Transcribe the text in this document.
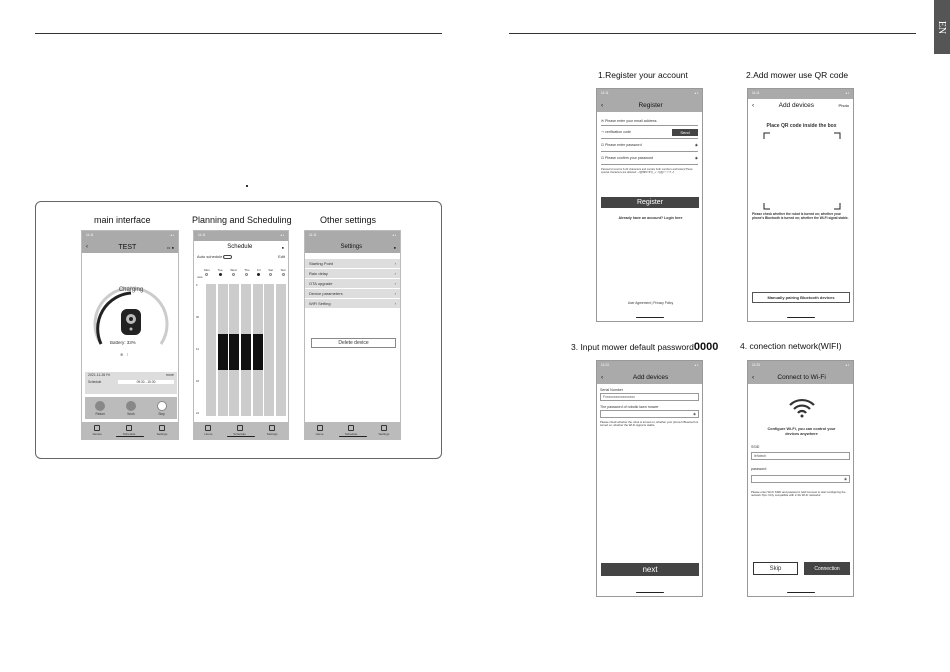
EN
main interface	Planning and Scheduling	Other settings
11:11	◂ ▪
‹	TEST	▭ ●
Charging
Battery: 33%
≋   ⁝
2021.11.26 Fri	more
Schedule	09:30 - 15:30
Return	Work	Stop
Device	Schedule	Settings
11:11	◂ ▪
Schedule	●
Auto schedule	Edit
Mon	Tue	Wed	Thu	Fri	Sat	Sun
now
0
06
12
18
24
Home	Schedule	Settings
11:11	◂ ▪
Settings	●
Starting Point	›
Rain delay	›
OTA upgrade	›
Device parameters	›
WiFi Setting	›
Delete device
Home	Schedule	Settings
1.Register your account	2.Add mower use QR code
3. Input mower default password0000	4. conection network(WIFI)
11:11	◂ ▪
‹	Register
✉ Please enter your email address
⊸ verification code	Send
⊡ Please enter password	◉
⊡ Please confirm your password	◉
Password must be 6-20 characters and contain both numbers and letters(These special characters are allowed: ~!@#$%^&*()_+`-={}|[]\:";'<>?,./)
Register
Already have an account? Login here
User Agreement | Privacy Policy
11:11	◂ ▪
‹	Add devices	Photo
Place QR code inside the box
Please check whether the robot is turned on; whether your phone's Bluetooth is turned on; whether the Wi-Fi signal stable.
Manually pairing Bluetooth devices
11:23	◂ ▪
‹	Add devices
Serial Number
Fxxxxxxxxxxxxxxxxx
The password of robotic lawn mower
◉
Please check whether the robot is turned on; whether your phone's Bluetooth is turned on; whether the Wi-Fi signal is stable.
next
11:23	◂ ▪
‹	Connect to Wi-Fi
Configure Wi-Fi, you can control your devices anywhere
SSID
lefotech
password
◉
Please enter Wi-Fi SSID and password. Add Connect to start configuring the network.Tips: Only compatible with 2.4G Wi-Fi networks.
Skip	Connection
